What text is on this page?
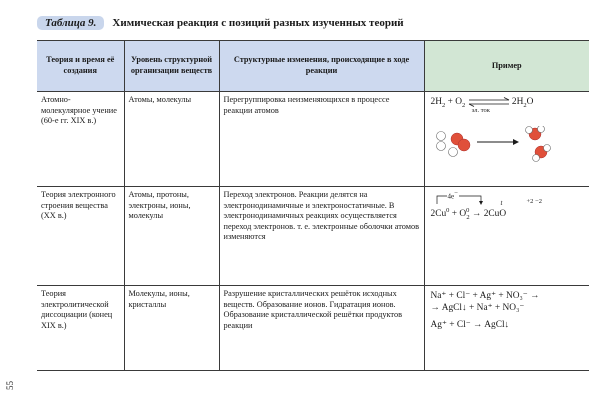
Таблица 9.	Химическая реакция с позиций разных изученных теорий
Теория и время её создания	Уровень структурной организации веществ	Структурные изменения, происходящие в ходе реакции	Пример
Атомно-молекулярное учение (60-е гг. XIX в.)	Атомы, молекулы	Перегруппировка неизменяющихся в процессе реакции атомов	$2H_2 + O_2$
эл. ток
$2H_2O$

Теория электронного строения вещества (XX в.)	Атомы, протоны, электроны, ионы, молекулы	Переход электронов. Реакции делятся на электронодинамичные и электроностатичные. В электронодинамичных реакциях осуществляется переход электронов. т. е. электронные оболочки атомов изменяются	4e−
t +2 −2
$2Cu^0 + O^0_2 \to 2CuO$

Теория электролитической диссоциации (конец XIX в.)	Молекулы, ионы, кристаллы	Разрушение кристаллических решёток исходных веществ. Образование ионов. Гидратация ионов. Образование кристаллической решётки продуктов реакции	Na⁺ + Cl⁻ + Ag⁺ + NO₃⁻ →
→ AgCl↓ + Na⁺ + NO₃⁻
Ag⁺ + Cl⁻ → AgCl↓
55
